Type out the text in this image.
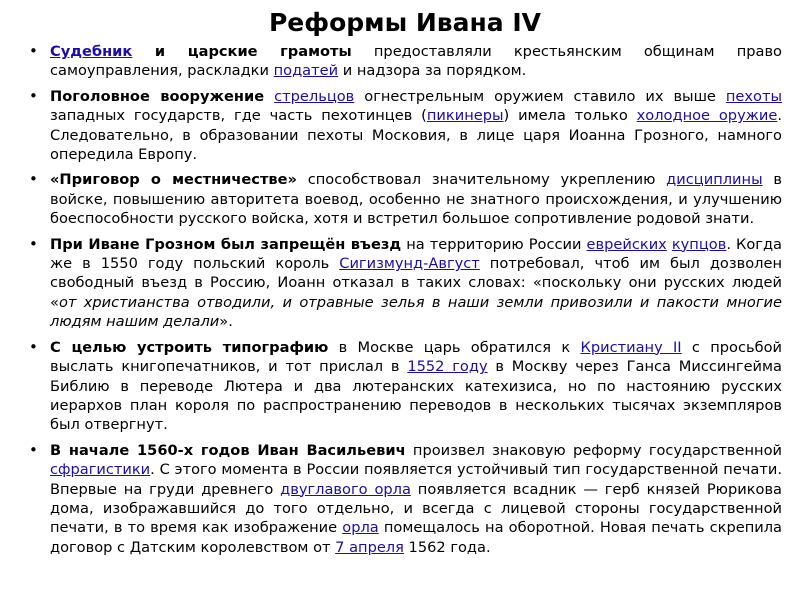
Реформы Ивана IV
• Судебник и царские грамоты предоставляли крестьянским общинам право самоуправления, раскладки податей и надзора за порядком.
• Поголовное вооружение стрельцов огнестрельным оружием ставило их выше пехоты западных государств, где часть пехотинцев (пикинеры) имела только холодное оружие. Следовательно, в образовании пехоты Московия, в лице царя Иоанна Грозного, намного опередила Европу.
• «Приговор о местничестве» способствовал значительному укреплению дисциплины в войске, повышению авторитета воевод, особенно не знатного происхождения, и улучшению боеспособности русского войска, хотя и встретил большое сопротивление родовой знати.
• При Иване Грозном был запрещён въезд на территорию России еврейских купцов. Когда же в 1550 году польский король Сигизмунд-Август потребовал, чтоб им был дозволен свободный въезд в Россию, Иоанн отказал в таких словах: «поскольку они русских людей «от христианства отводили, и отравные зелья в наши земли привозили и пакости многие людям нашим делали».
• С целью устроить типографию в Москве царь обратился к Кристиану II с просьбой выслать книгопечатников, и тот прислал в 1552 году в Москву через Ганса Миссингейма Библию в переводе Лютера и два лютеранских катехизиса, но по настоянию русских иерархов план короля по распространению переводов в нескольких тысячах экземпляров был отвергнут.
• В начале 1560-х годов Иван Васильевич произвел знаковую реформу государственной сфрагистики. С этого момента в России появляется устойчивый тип государственной печати. Впервые на груди древнего двуглавого орла появляется всадник — герб князей Рюрикова дома, изображавшийся до того отдельно, и всегда с лицевой стороны государственной печати, в то время как изображение орла помещалось на оборотной. Новая печать скрепила договор с Датским королевством от 7 апреля 1562 года.
